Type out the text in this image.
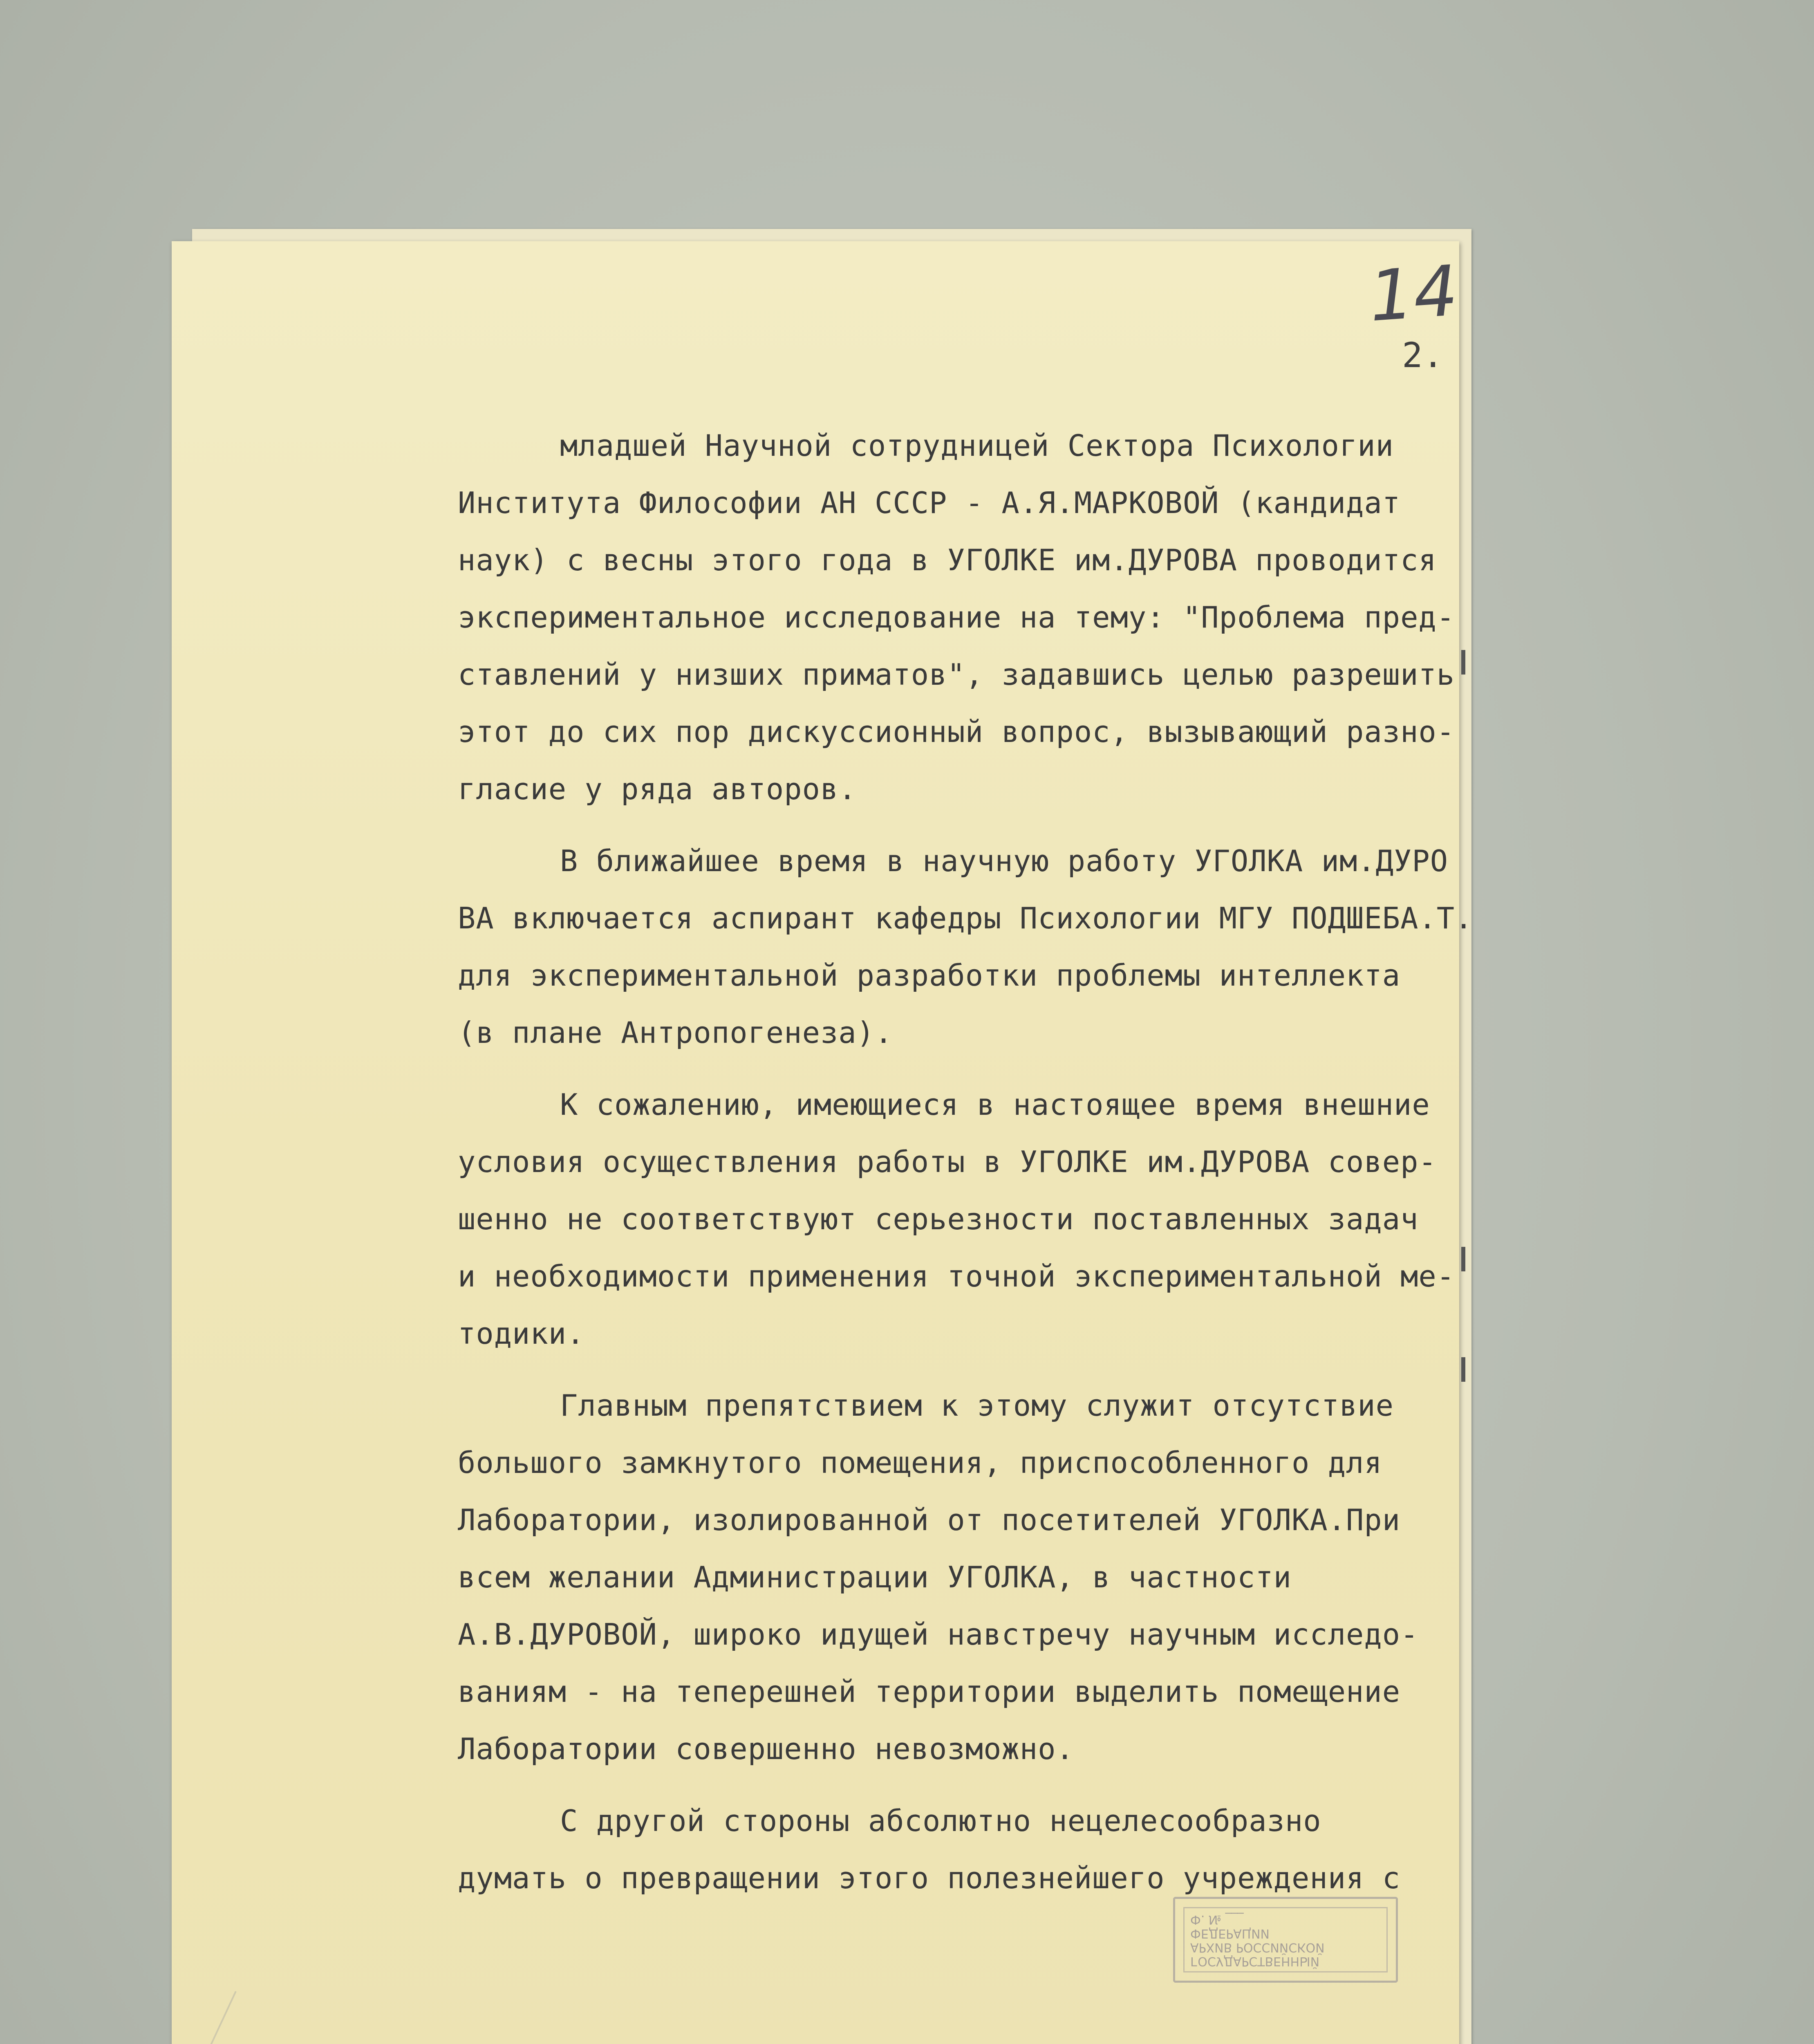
14
2.
младшей Научной сотрудницей Сектора Психологии
Института Философии АН СССР - А.Я.МАРКОВОЙ (кандидат
наук) с весны этого года в УГОЛКЕ им.ДУРОВА проводится
экспериментальное исследование на тему: "Проблема пред-
ставлений у низших приматов", задавшись целью разрешить
этот до сих пор дискуссионный вопрос, вызывающий разно-
гласие у ряда авторов.
В ближайшее время в научную работу УГОЛКА им.ДУРО
ВА включается аспирант кафедры Психологии МГУ ПОДШЕБА.Т.
для экспериментальной разработки проблемы интеллекта
(в плане Антропогенеза).
К сожалению, имеющиеся в настоящее время внешние
условия осуществления работы в УГОЛКЕ им.ДУРОВА совер-
шенно не соответствуют серьезности поставленных задач
и необходимости применения точной экспериментальной ме-
тодики.
Главным препятствием к этому служит отсутствие
большого замкнутого помещения, приспособленного для
Лаборатории, изолированной от посетителей УГОЛКА.При
всем желании Администрации УГОЛКА, в частности
А.В.ДУРОВОЙ, широко идущей навстречу научным исследо-
ваниям - на теперешней территории выделить помещение
Лаборатории совершенно невозможно.
С другой стороны абсолютно нецелесообразно
думать о превращении этого полезнейшего учреждения с
ГОСУДАРСТВЕННЫЙ
АРХИВ РОССИЙСКОЙ ФЕДЕРАЦИИ
Ф. № ___
